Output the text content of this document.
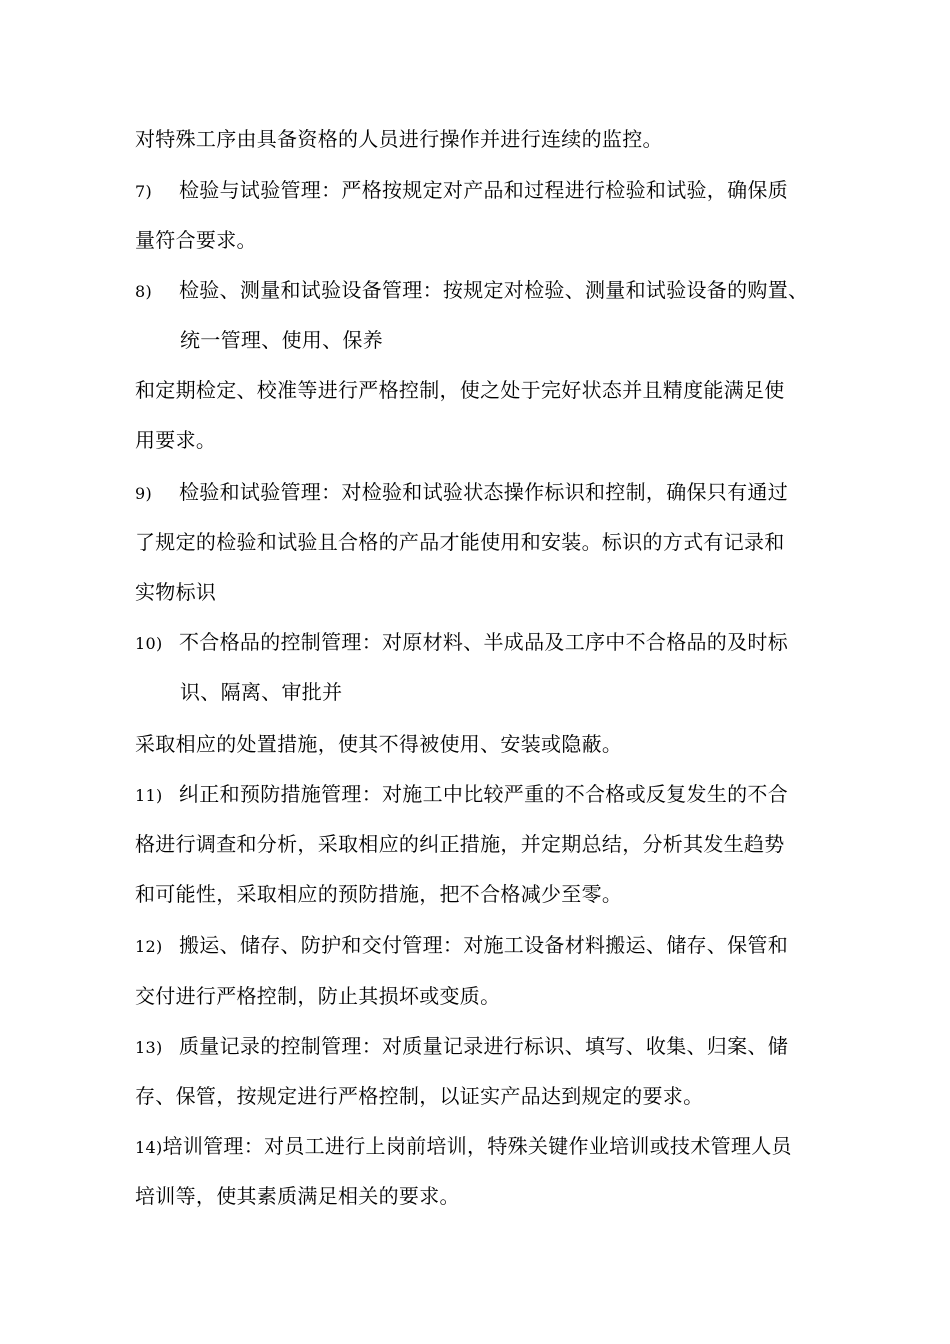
对特殊工序由具备资格的人员进行操作并进行连续的监控。
7) 检验与试验管理：严格按规定对产品和过程进行检验和试验，确保质
量符合要求。
8) 检验、测量和试验设备管理：按规定对检验、测量和试验设备的购置、
统一管理、使用、保养
和定期检定、校准等进行严格控制，使之处于完好状态并且精度能满足使
用要求。
9) 检验和试验管理：对检验和试验状态操作标识和控制，确保只有通过
了规定的检验和试验且合格的产品才能使用和安装。标识的方式有记录和
实物标识
10) 不合格品的控制管理：对原材料、半成品及工序中不合格品的及时标
识、隔离、审批并
采取相应的处置措施，使其不得被使用、安装或隐蔽。
11) 纠正和预防措施管理：对施工中比较严重的不合格或反复发生的不合
格进行调查和分析，采取相应的纠正措施，并定期总结，分析其发生趋势
和可能性，采取相应的预防措施，把不合格减少至零。
12) 搬运、储存、防护和交付管理：对施工设备材料搬运、储存、保管和
交付进行严格控制，防止其损坏或变质。
13) 质量记录的控制管理：对质量记录进行标识、填写、收集、归案、储
存、保管，按规定进行严格控制，以证实产品达到规定的要求。
14)培训管理：对员工进行上岗前培训，特殊关键作业培训或技术管理人员
培训等，使其素质满足相关的要求。
